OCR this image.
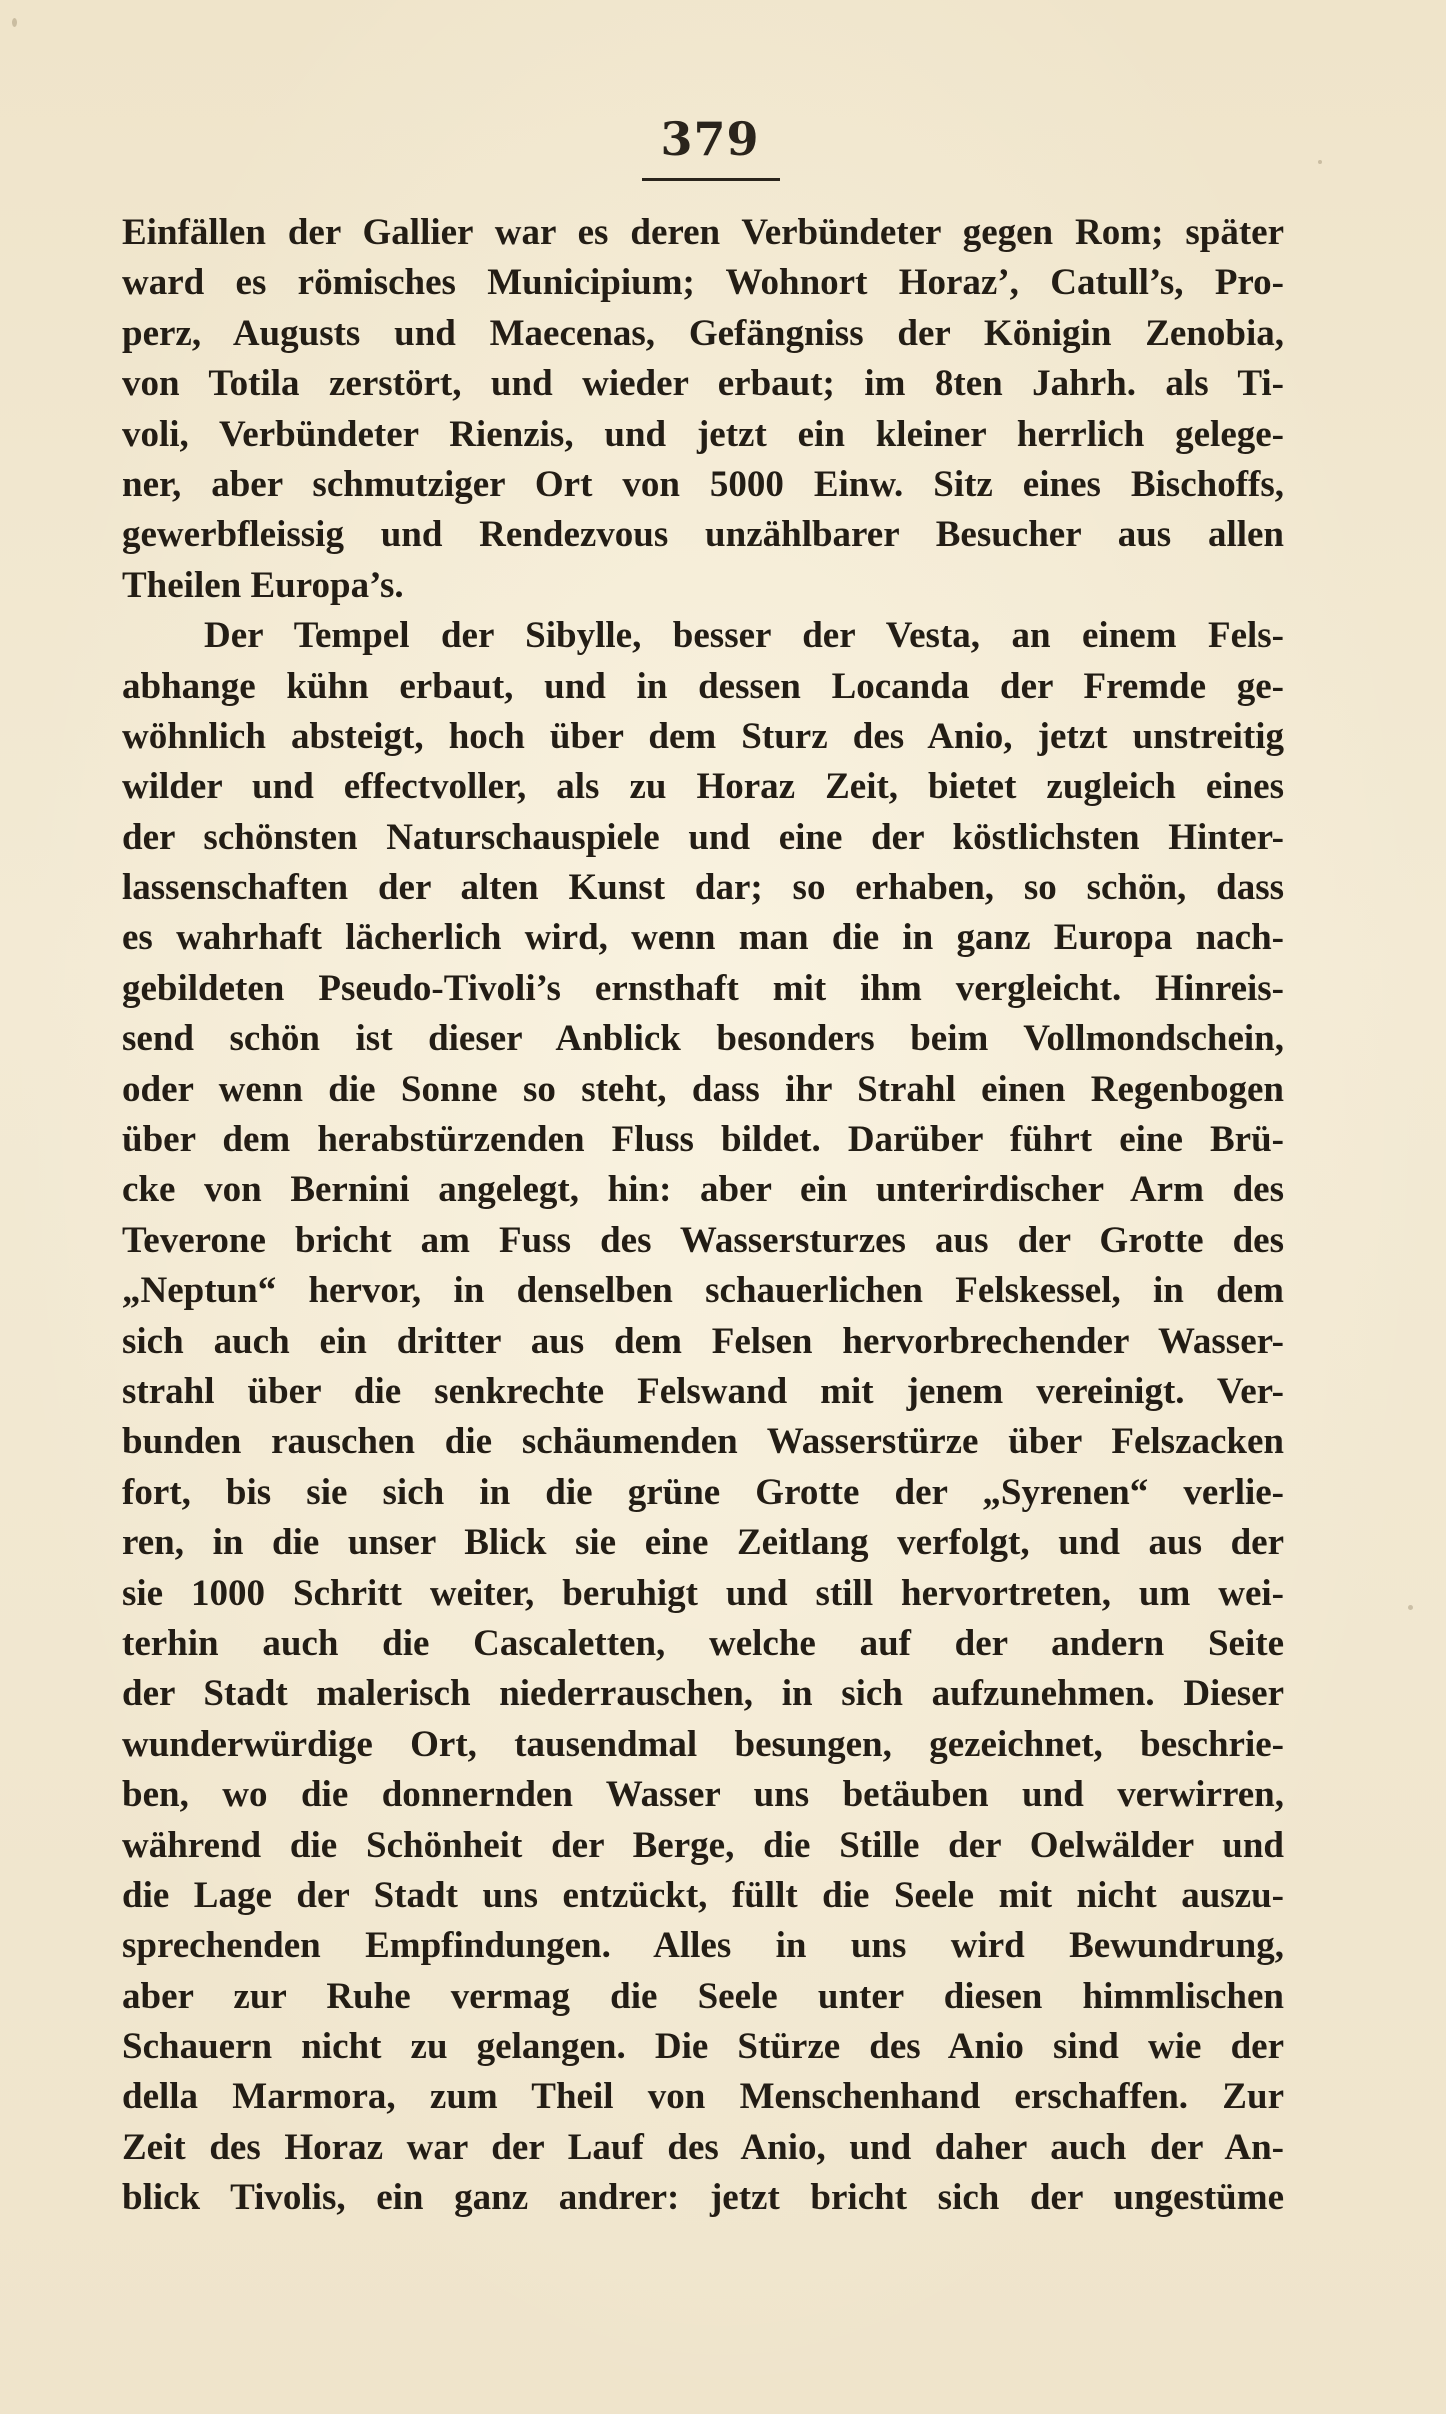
379
Einfällen der Gallier war es deren Verbündeter gegen Rom; später
ward es römisches Municipium; Wohnort Horaz’, Catull’s, Pro-
perz, Augusts und Maecenas, Gefängniss der Königin Zenobia,
von Totila zerstört, und wieder erbaut; im 8ten Jahrh. als Ti-
voli, Verbündeter Rienzis, und jetzt ein kleiner herrlich gelege-
ner, aber schmutziger Ort von 5000 Einw. Sitz eines Bischoffs,
gewerbfleissig und Rendezvous unzählbarer Besucher aus allen
Theilen Europa’s.
Der Tempel der Sibylle, besser der Vesta, an einem Fels-
abhange kühn erbaut, und in dessen Locanda der Fremde ge-
wöhnlich absteigt, hoch über dem Sturz des Anio, jetzt unstreitig
wilder und effectvoller, als zu Horaz Zeit, bietet zugleich eines
der schönsten Naturschauspiele und eine der köstlichsten Hinter-
lassenschaften der alten Kunst dar; so erhaben, so schön, dass
es wahrhaft lächerlich wird, wenn man die in ganz Europa nach-
gebildeten Pseudo-Tivoli’s ernsthaft mit ihm vergleicht. Hinreis-
send schön ist dieser Anblick besonders beim Vollmondschein,
oder wenn die Sonne so steht, dass ihr Strahl einen Regenbogen
über dem herabstürzenden Fluss bildet. Darüber führt eine Brü-
cke von Bernini angelegt, hin: aber ein unterirdischer Arm des
Teverone bricht am Fuss des Wassersturzes aus der Grotte des
„Neptun“ hervor, in denselben schauerlichen Felskessel, in dem
sich auch ein dritter aus dem Felsen hervorbrechender Wasser-
strahl über die senkrechte Felswand mit jenem vereinigt. Ver-
bunden rauschen die schäumenden Wasserstürze über Felszacken
fort, bis sie sich in die grüne Grotte der „Syrenen“ verlie-
ren, in die unser Blick sie eine Zeitlang verfolgt, und aus der
sie 1000 Schritt weiter, beruhigt und still hervortreten, um wei-
terhin auch die Cascaletten, welche auf der andern Seite
der Stadt malerisch niederrauschen, in sich aufzunehmen. Dieser
wunderwürdige Ort, tausendmal besungen, gezeichnet, beschrie-
ben, wo die donnernden Wasser uns betäuben und verwirren,
während die Schönheit der Berge, die Stille der Oelwälder und
die Lage der Stadt uns entzückt, füllt die Seele mit nicht auszu-
sprechenden Empfindungen. Alles in uns wird Bewundrung,
aber zur Ruhe vermag die Seele unter diesen himmlischen
Schauern nicht zu gelangen. Die Stürze des Anio sind wie der
della Marmora, zum Theil von Menschenhand erschaffen. Zur
Zeit des Horaz war der Lauf des Anio, und daher auch der An-
blick Tivolis, ein ganz andrer: jetzt bricht sich der ungestüme
